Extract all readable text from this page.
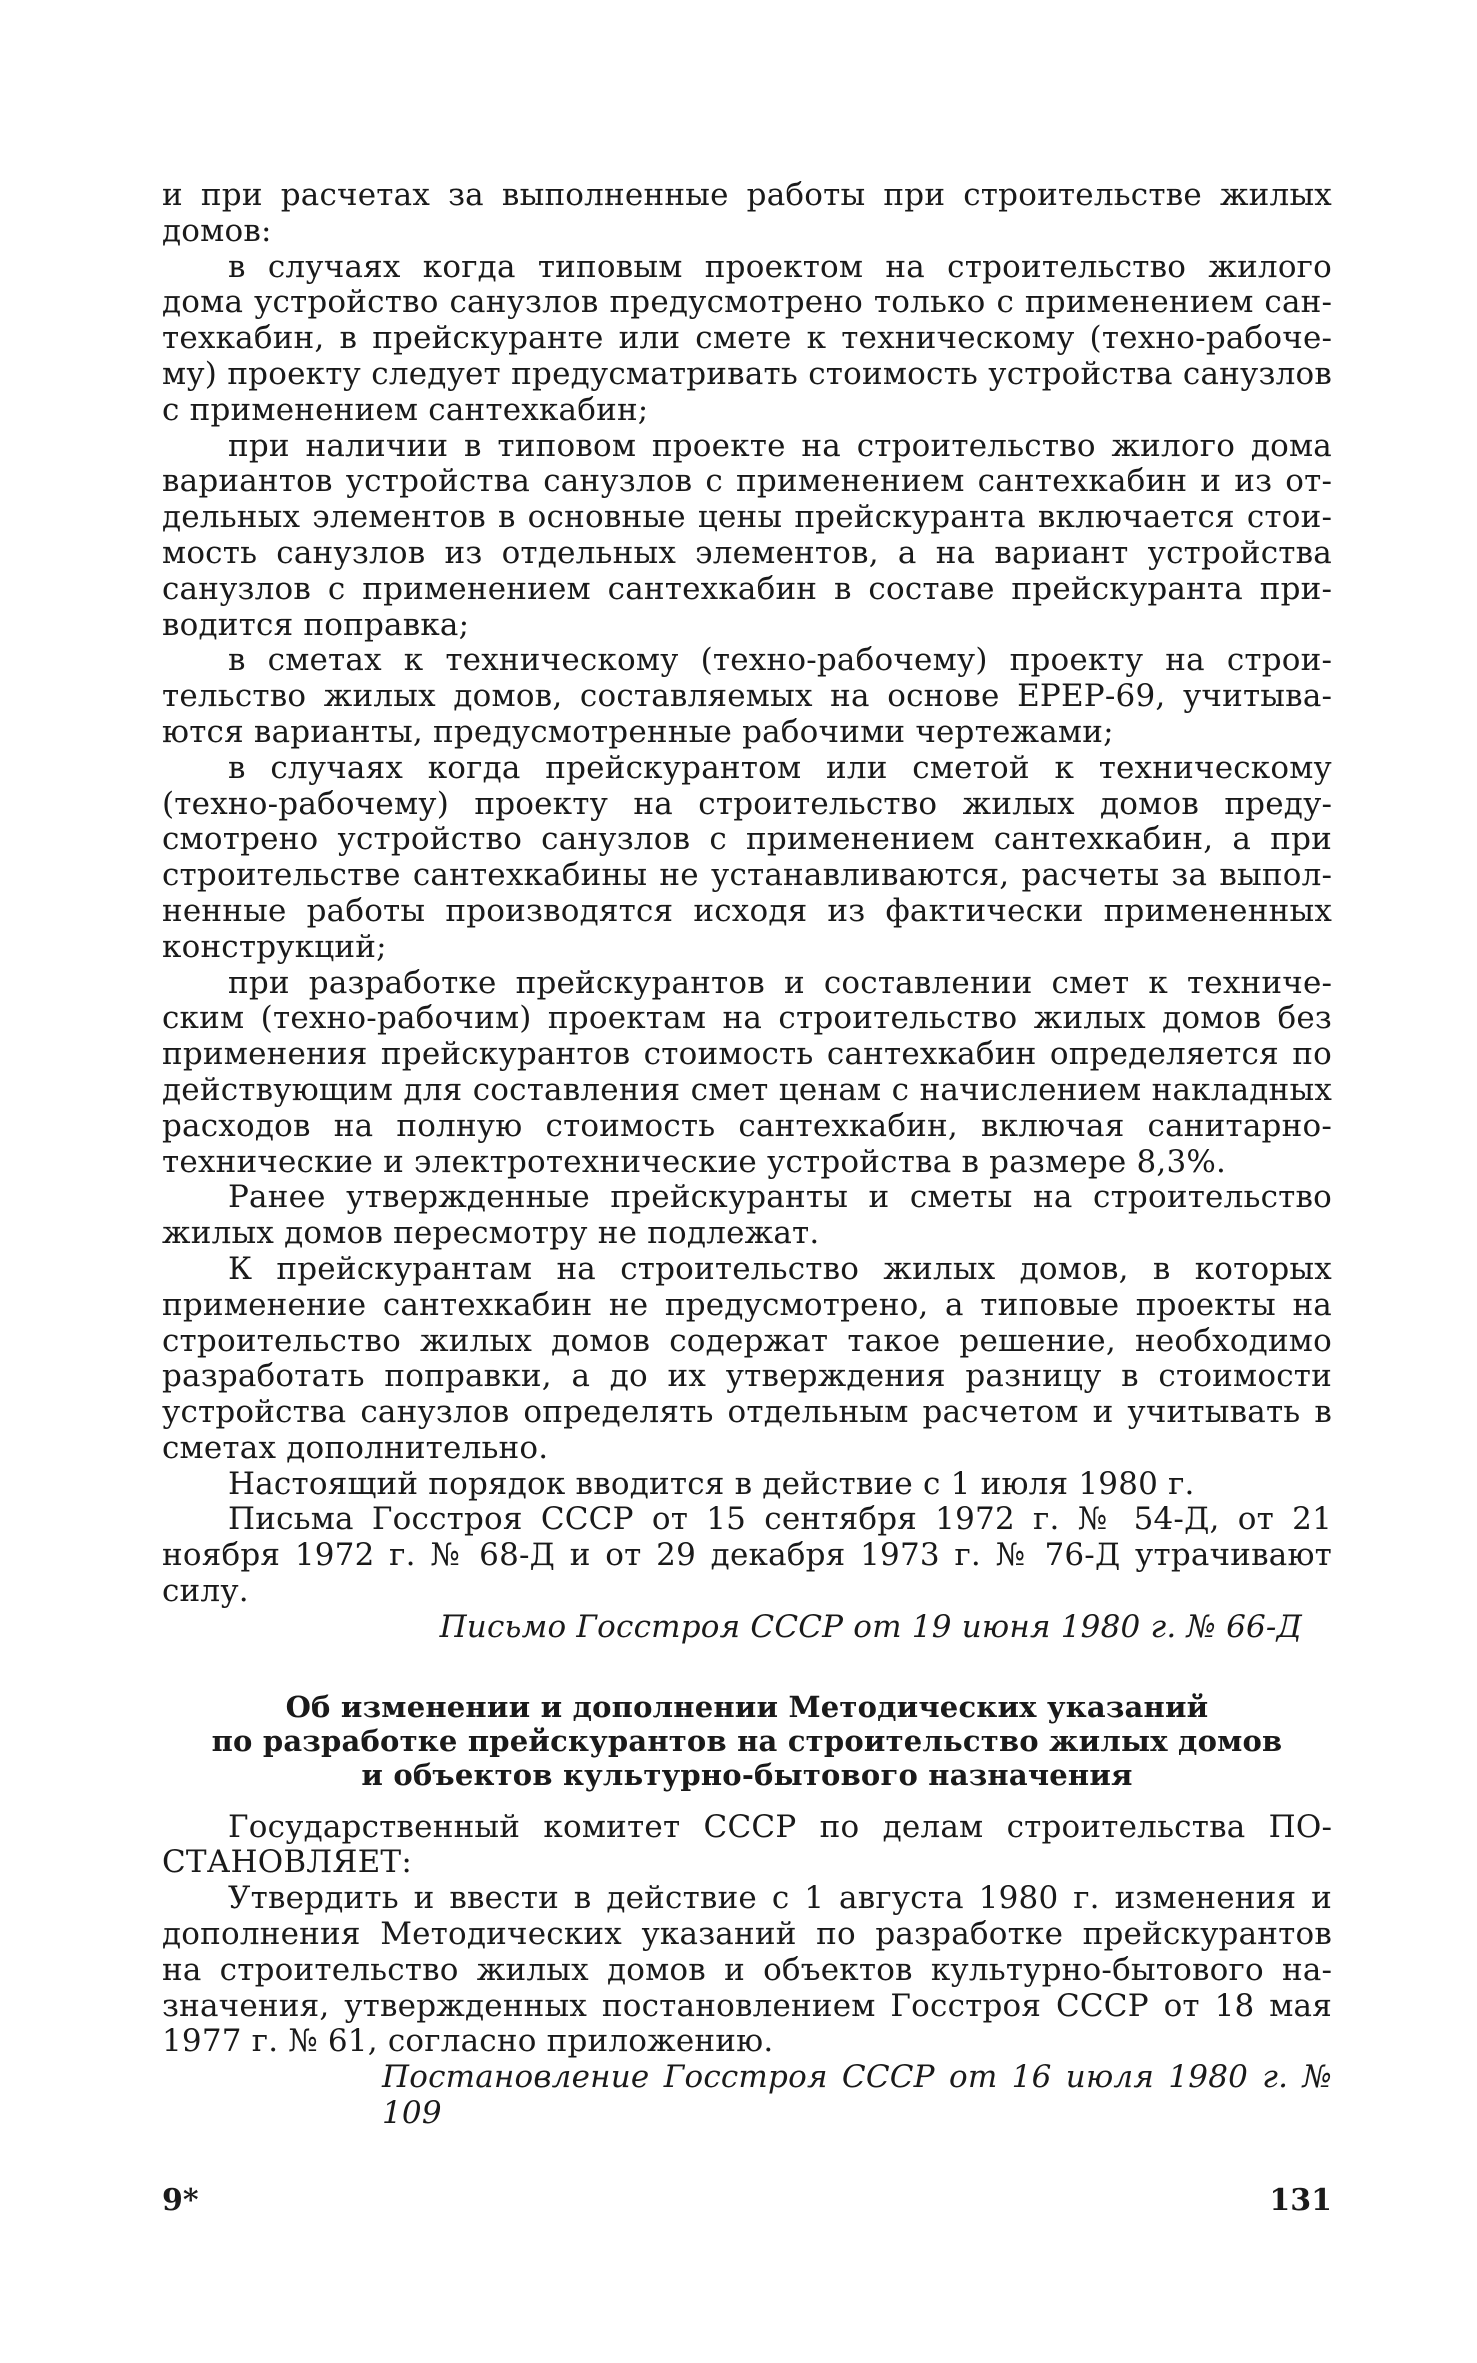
и при расчетах за выполненные работы при строительстве жилых домов:

в случаях когда типовым проектом на строительство жилого дома устройство санузлов предусмотрено только с применением сантехкабин, в прейскуранте или смете к техническому (техно-рабочему) проекту следует предусматривать стоимость устройства санузлов с применением сантехкабин;

при наличии в типовом проекте на строительство жилого дома вариантов устройства санузлов с применением сантехкабин и из отдельных элементов в основные цены прейскуранта включается стоимость санузлов из отдельных элементов, а на вариант устройства санузлов с применением сантехкабин в составе прейскуранта приводится поправка;

в сметах к техническому (техно-рабочему) проекту на строительство жилых домов, составляемых на основе ЕРЕР-69, учитываются варианты, предусмотренные рабочими чертежами;

в случаях когда прейскурантом или сметой к техническому (техно-рабочему) проекту на строительство жилых домов предусмотрено устройство санузлов с применением сантехкабин, а при строительстве сантехкабины не устанавливаются, расчеты за выполненные работы производятся исходя из фактически примененных конструкций;

при разработке прейскурантов и составлении смет к техническим (техно-рабочим) проектам на строительство жилых домов без применения прейскурантов стоимость сантехкабин определяется по действующим для составления смет ценам с начислением накладных расходов на полную стоимость сантехкабин, включая санитарно-технические и электротехнические устройства в размере 8,3%.

Ранее утвержденные прейскуранты и сметы на строительство жилых домов пересмотру не подлежат.

К прейскурантам на строительство жилых домов, в которых применение сантехкабин не предусмотрено, а типовые проекты на строительство жилых домов содержат такое решение, необходимо разработать поправки, а до их утверждения разницу в стоимости устройства санузлов определять отдельным расчетом и учитывать в сметах дополнительно.

Настоящий порядок вводится в действие с 1 июля 1980 г.

Письма Госстроя СССР от 15 сентября 1972 г. № 54-Д, от 21 ноября 1972 г. № 68-Д и от 29 декабря 1973 г. № 76-Д утрачивают силу.

Письмо Госстроя СССР от 19 июня 1980 г. № 66-Д

Об изменении и дополнении Методических указаний
по разработке прейскурантов на строительство жилых домов
и объектов культурно-бытового назначения

Государственный комитет СССР по делам строительства ПОСТАНОВЛЯЕТ:

Утвердить и ввести в действие с 1 августа 1980 г. изменения и дополнения Методических указаний по разработке прейскурантов на строительство жилых домов и объектов культурно-бытового назначения, утвержденных постановлением Госстроя СССР от 18 мая 1977 г. № 61, согласно приложению.

Постановление Госстроя СССР от 16 июля 1980 г. № 109

9*	131
